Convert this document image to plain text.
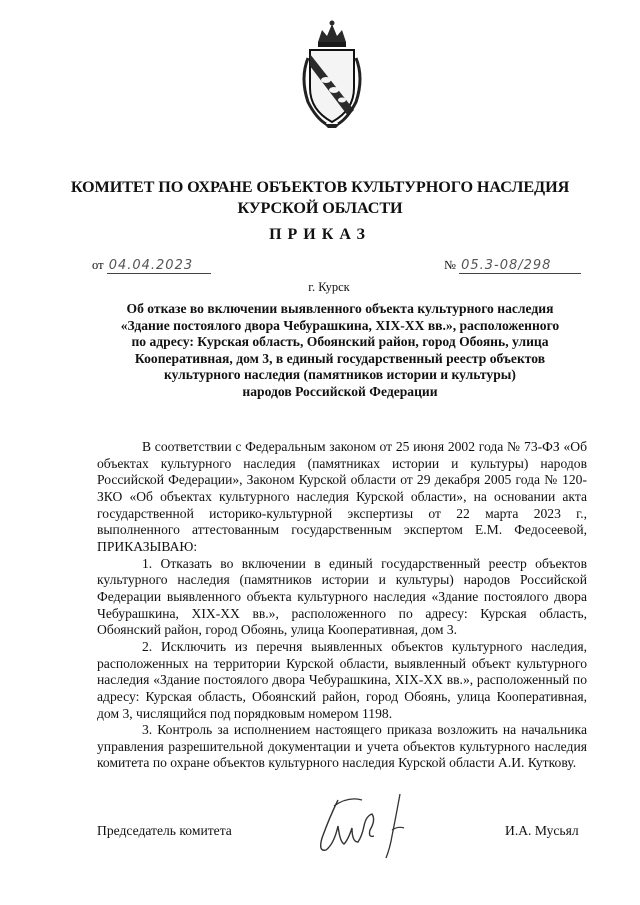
КОМИТЕТ ПО ОХРАНЕ ОБЪЕКТОВ КУЛЬТУРНОГО НАСЛЕДИЯ
КУРСКОЙ ОБЛАСТИ
ПРИКАЗ
от 04.04.2023	№ 05.3-08/298
г. Курск
Об отказе во включении выявленного объекта культурного наследия
«Здание постоялого двора Чебурашкина, XIX-XX вв.», расположенного
по адресу: Курская область, Обоянский район, город Обоянь, улица
Кооперативная, дом 3, в единый государственный реестр объектов
культурного наследия (памятников истории и культуры)
народов Российской Федерации

В соответствии с Федеральным законом от 25 июня 2002 года № 73-ФЗ «Об объектах культурного наследия (памятниках истории и культуры) народов Российской Федерации», Законом Курской области от 29 декабря 2005 года № 120-ЗКО «Об объектах культурного наследия Курской области», на основании акта государственной историко-культурной экспертизы от 22 марта 2023 г., выполненного аттестованным государственным экспертом Е.М. Федосеевой, ПРИКАЗЫВАЮ:

1. Отказать во включении в единый государственный реестр объектов культурного наследия (памятников истории и культуры) народов Российской Федерации выявленного объекта культурного наследия «Здание постоялого двора Чебурашкина, XIX-XX вв.», расположенного по адресу: Курская область, Обоянский район, город Обоянь, улица Кооперативная, дом 3.

2. Исключить из перечня выявленных объектов культурного наследия, расположенных на территории Курской области, выявленный объект культурного наследия «Здание постоялого двора Чебурашкина, XIX-XX вв.», расположенный по адресу: Курская область, Обоянский район, город Обоянь, улица Кооперативная, дом 3, числящийся под порядковым номером 1198.

3. Контроль за исполнением настоящего приказа возложить на начальника управления разрешительной документации и учета объектов культурного наследия комитета по охране объектов культурного наследия Курской области А.И. Куткову.

Председатель комитета	И.А. Мусьял
